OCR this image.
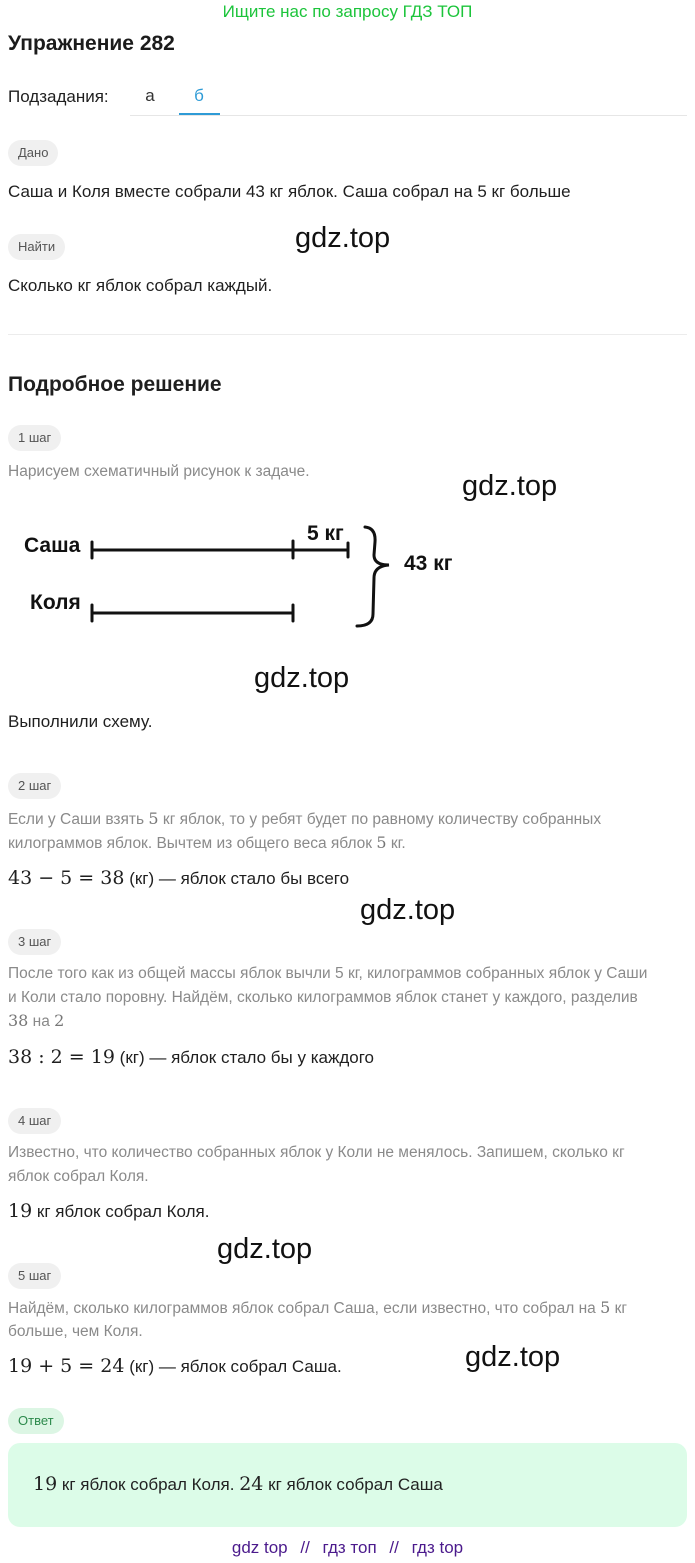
Ищите нас по запросу ГДЗ ТОП
Упражнение 282
Подзадания:	а	б
Дано
Саша и Коля вместе собрали 43 кг яблок. Саша собрал на 5 кг больше
Найти	gdz.top
Сколько кг яблок собрал каждый.
Подробное решение
1 шаг
Нарисуем схематичный рисунок к задаче.	gdz.top
Саша
Коля
5 кг
43 кг
gdz.top
Выполнили схему.
2 шаг
Если у Саши взять 5 кг яблок, то у ребят будет по равному количеству собранных
килограммов яблок. Вычтем из общего веса яблок 5 кг.
43 − 5 = 38 (кг) — яблок стало бы всего
gdz.top
3 шаг
После того как из общей массы яблок вычли 5 кг, килограммов собранных яблок у Саши
и Коли стало поровну. Найдём, сколько килограммов яблок станет у каждого, разделив
38 на 2
38 : 2 = 19 (кг) — яблок стало бы у каждого
4 шаг
Известно, что количество собранных яблок у Коли не менялось. Запишем, сколько кг
яблок собрал Коля.
19 кг яблок собрал Коля.
gdz.top
5 шаг
Найдём, сколько килограммов яблок собрал Саша, если известно, что собрал на 5 кг
больше, чем Коля.
19 + 5 = 24 (кг) — яблок собрал Саша.	gdz.top
Ответ
19 кг яблок собрал Коля. 24 кг яблок собрал Саша
gdz top // гдз топ // гдз top
